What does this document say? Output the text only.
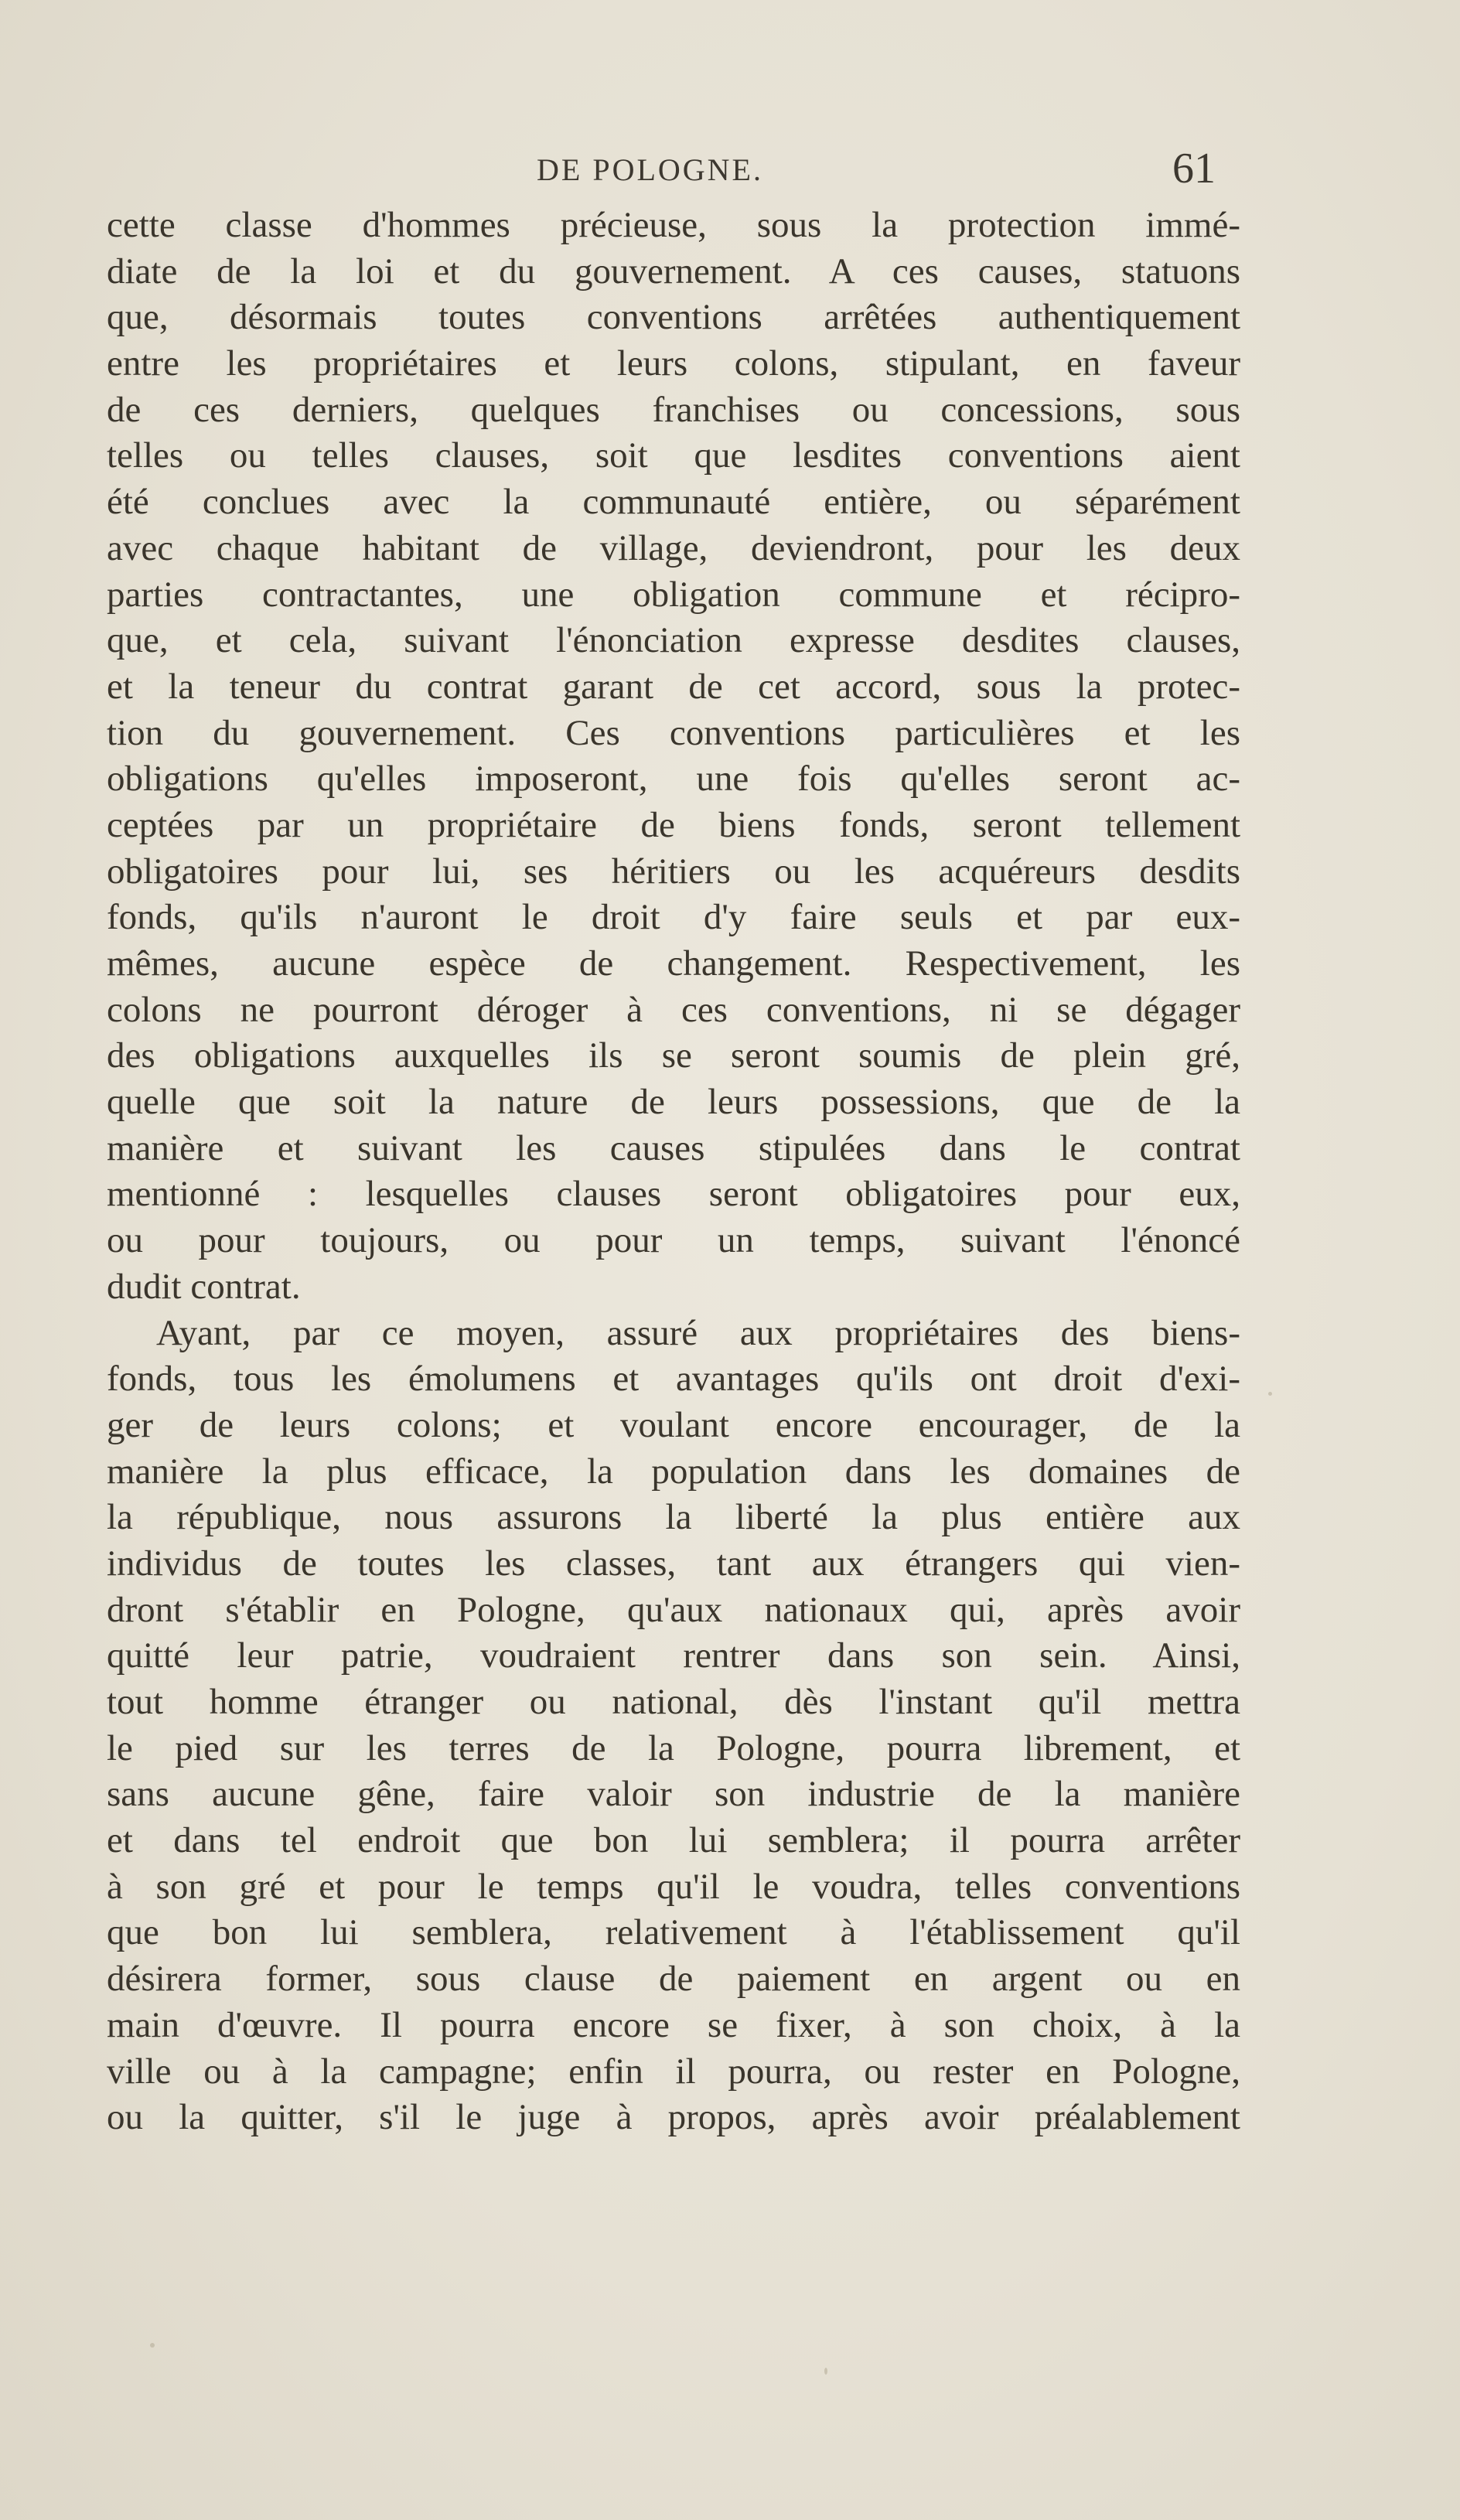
DE POLOGNE.	61
cette classe d'hommes précieuse, sous la protection immé-
diate de la loi et du gouvernement. A ces causes, statuons
que, désormais toutes conventions arrêtées authentiquement
entre les propriétaires et leurs colons, stipulant, en faveur
de ces derniers, quelques franchises ou concessions, sous
telles ou telles clauses, soit que lesdites conventions aient
été conclues avec la communauté entière, ou séparément
avec chaque habitant de village, deviendront, pour les deux
parties contractantes, une obligation commune et récipro-
que, et cela, suivant l'énonciation expresse desdites clauses,
et la teneur du contrat garant de cet accord, sous la protec-
tion du gouvernement. Ces conventions particulières et les
obligations qu'elles imposeront, une fois qu'elles seront ac-
ceptées par un propriétaire de biens fonds, seront tellement
obligatoires pour lui, ses héritiers ou les acquéreurs desdits
fonds, qu'ils n'auront le droit d'y faire seuls et par eux-
mêmes, aucune espèce de changement. Respectivement, les
colons ne pourront déroger à ces conventions, ni se dégager
des obligations auxquelles ils se seront soumis de plein gré,
quelle que soit la nature de leurs possessions, que de la
manière et suivant les causes stipulées dans le contrat
mentionné : lesquelles clauses seront obligatoires pour eux,
ou pour toujours, ou pour un temps, suivant l'énoncé
dudit contrat.
Ayant, par ce moyen, assuré aux propriétaires des biens-
fonds, tous les émolumens et avantages qu'ils ont droit d'exi-
ger de leurs colons; et voulant encore encourager, de la
manière la plus efficace, la population dans les domaines de
la république, nous assurons la liberté la plus entière aux
individus de toutes les classes, tant aux étrangers qui vien-
dront s'établir en Pologne, qu'aux nationaux qui, après avoir
quitté leur patrie, voudraient rentrer dans son sein. Ainsi,
tout homme étranger ou national, dès l'instant qu'il mettra
le pied sur les terres de la Pologne, pourra librement, et
sans aucune gêne, faire valoir son industrie de la manière
et dans tel endroit que bon lui semblera; il pourra arrêter
à son gré et pour le temps qu'il le voudra, telles conventions
que bon lui semblera, relativement à l'établissement qu'il
désirera former, sous clause de paiement en argent ou en
main d'œuvre. Il pourra encore se fixer, à son choix, à la
ville ou à la campagne; enfin il pourra, ou rester en Pologne,
ou la quitter, s'il le juge à propos, après avoir préalablement
